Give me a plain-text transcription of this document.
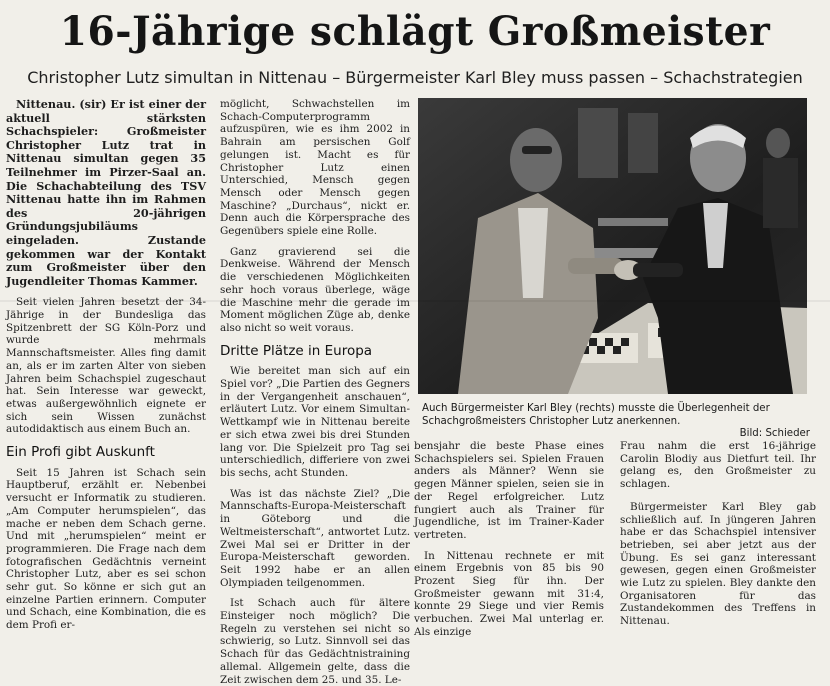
16-Jährige schlägt Großmeister
Christopher Lutz simultan in Nittenau – Bürgermeister Karl Bley muss passen – Schachstrategien

Nittenau. (sir) Er ist einer der aktuell stärksten Schachspieler: Großmeister Christopher Lutz trat in Nittenau simultan gegen 35 Teilnehmer im Pirzer-Saal an. Die Schachabteilung des TSV Nittenau hatte ihn im Rahmen des 20-jährigen Gründungsjubiläums eingeladen. Zustande gekommen war der Kontakt zum Großmeister über den Jugendleiter Thomas Kammer.

Seit vielen Jahren besetzt der 34-Jährige in der Bundesliga das Spitzenbrett der SG Köln-Porz und wurde mehrmals Mannschaftsmeister. Alles fing damit an, als er im zarten Alter von sieben Jahren beim Schachspiel zugeschaut hat. Sein Interesse war geweckt, etwas außergewöhnlich eignete er sich sein Wissen zunächst autodidaktisch aus einem Buch an.

Ein Profi gibt Auskunft

Seit 15 Jahren ist Schach sein Hauptberuf, erzählt er. Nebenbei versucht er Informatik zu studieren. „Am Computer herumspielen“, das mache er neben dem Schach gerne. Und mit „herumspielen“ meint er programmieren. Die Frage nach dem fotografischen Gedächtnis verneint Christopher Lutz, aber es sei schon sehr gut. So könne er sich gut an einzelne Partien erinnern. Computer und Schach, eine Kombination, die es dem Profi er-

möglicht, Schwachstellen im Schach-Computerprogramm aufzuspüren, wie es ihm 2002 in Bahrain am persischen Golf gelungen ist. Macht es für Christopher Lutz einen Unterschied, Mensch gegen Mensch oder Mensch gegen Maschine? „Durchaus“, nickt er. Denn auch die Körpersprache des Gegenübers spiele eine Rolle.

Ganz gravierend sei die Denkweise. Während der Mensch die verschiedenen Möglichkeiten sehr hoch voraus überlege, wäge die Maschine mehr die gerade im Moment möglichen Züge ab, denke also nicht so weit voraus.

Dritte Plätze in Europa

Wie bereitet man sich auf ein Spiel vor? „Die Partien des Gegners in der Vergangenheit anschauen“, erläutert Lutz. Vor einem Simultan-Wettkampf wie in Nittenau bereite er sich etwa zwei bis drei Stunden lang vor. Die Spielzeit pro Tag sei unterschiedlich, differiere von zwei bis sechs, acht Stunden.

Was ist das nächste Ziel? „Die Mannschafts-Europa-Meisterschaft in Göteborg und die Weltmeisterschaft“, antwortet Lutz. Zwei Mal sei er Dritter in der Europa-Meisterschaft geworden. Seit 1992 habe er an allen Olympiaden teilgenommen.

Ist Schach auch für ältere Einsteiger noch möglich? Die Regeln zu verstehen sei nicht so schwierig, so Lutz. Sinnvoll sei das Schach für das Gedächtnistraining allemal. Allgemein gelte, dass die Zeit zwischen dem 25. und 35. Le-

Auch Bürgermeister Karl Bley (rechts) musste die Überlegenheit der Schachgroßmeisters Christopher Lutz anerkennen.
Bild: Schieder

bensjahr die beste Phase eines Schachspielers sei. Spielen Frauen anders als Männer? Wenn sie gegen Männer spielen, seien sie in der Regel erfolgreicher. Lutz fungiert auch als Trainer für Jugendliche, ist im Trainer-Kader vertreten.

In Nittenau rechnete er mit einem Ergebnis von 85 bis 90 Prozent Sieg für ihn. Der Großmeister gewann mit 31:4, konnte 29 Siege und vier Remis verbuchen. Zwei Mal unterlag er. Als einzige

Frau nahm die erst 16-jährige Carolin Blodiy aus Dietfurt teil. Ihr gelang es, den Großmeister zu schlagen.

Bürgermeister Karl Bley gab schließlich auf. In jüngeren Jahren habe er das Schachspiel intensiver betrieben, sei aber jetzt aus der Übung. Es sei ganz interessant gewesen, gegen einen Großmeister wie Lutz zu spielen. Bley dankte den Organisatoren für das Zustandekommen des Treffens in Nittenau.
